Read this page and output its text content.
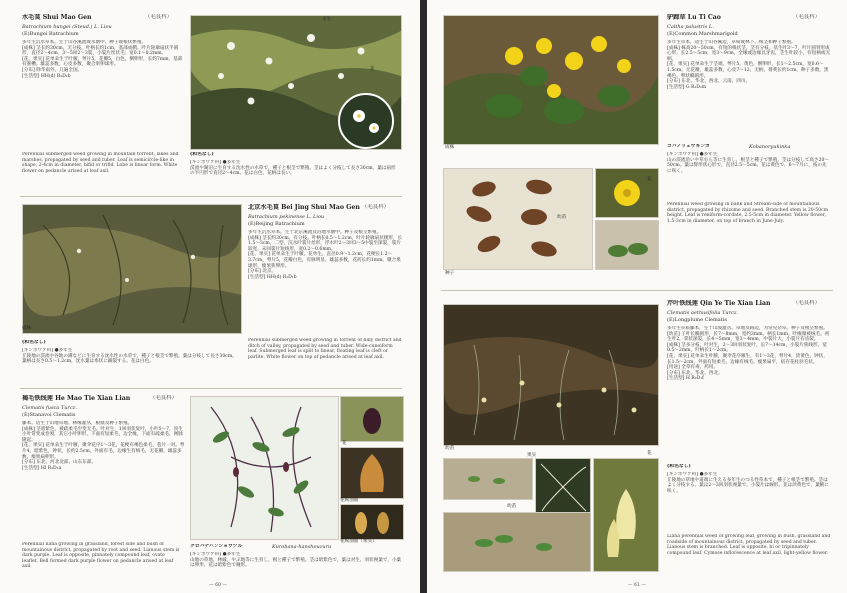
水毛茛 Shui Mao Gen	（毛茛科）
Batrachium bungei (Steud.) L. Liou
(E)Bungei Batrachium
多年生沉水草本。生于山谷溪流或水塘中。种子或根状繁殖。
[成株] 茎长约30cm，无分枝。叶柄长约1cm，基部成鞘。叶片轮廓扇状半圆形，直径2～4cm，3～5回2～3裂，小裂片丝状毛；宽0.1～0.2mm。
[花、果实] 花单朵生于叶腋，萼片5，花瓣5，白色，倒卵形，长约7mm，基部有蜜槽。雄蕊多数，心皮多数，聚合果卵球形。
[分布] 除华南外，几遍全国。
[生活型] HH(d) R₃D₁b
水生
花
Perennial submerged weed growing in mountain torrent, lakes and marshes, propagated by seed and tuber. Leaf is semicircle-like in shape, 2-4cm in diameter, bifid or trifid. Lobe is linear form. White flower on pedancle arised at leaf axil.
(和名なし)
[キンポウゲ科] ●多年生
渓流や湖沼に生育する沈水性の水草で，種子と根茎で繁殖。茎はよく分枝して長さ30cm。葉は扇形の半円形で直径2～4cm。花は白色，花柄は長い。
成株
北京水毛茛 Bei Jing Shui Mao Gen （毛茛科）
Batrachium pekinense L. Liou
(E)Beijing Batrachium
多年生沉水草本。生于北京溪流及沼地水塘中。种子及根茎繁殖。
[成株] 茎长约30cm，有分枝。叶柄长0.5～1.2cm，叶片轮廓扇状楔形，长1.5～3cm，二型，沉水叶裂片丝形，浮水叶2～3回3～5中裂至深裂，裂片较宽，末回裂片短线形，宽0.2～0.6mm。
[花、果实] 花单朵生于叶腋，花单生，直径0.9～1.2cm，花梗长1.2～3.7cm，萼片5，花瓣白色，有脉明显。雄蕊多数，花药长约1mm。聚合果球形，瘦果狭卵形。
[分布] 北京。
[生活型] HH(d) R₁D₁b
(和名なし)
[キンポウゲ科] ●多年生
丘陵地の渓流や谷地の溝などに生育する沈水性の水草で，種子と根茎で繁殖。葉は分枝して長さ30cm。葉柄は長さ0.5～1.2cm，沈水葉は糸状に細裂する。花は白色。
Perennial submerged weed growing in torrent of hilly district and ditch of valley, propagated by seed and tuber. Wide-cuneiform leaf. Submerged leaf is split to linear, floating leaf is cleft or parlite. White flower on top of pedancle arised at leaf axil.
褐毛铁线莲 He Mao Tie Xian Lian	（毛茛科）
Clematis fusca Turcz.
(E)Stanavoi Clematis
藤本。适生于山地草地、林缘灌丛，根蘖及种子繁殖。
[成株] 茎暗紫色，被疏柔毛至变无毛。叶对生，1回羽状复叶，小叶5～7，顶生小叶常变成卷须，其它小叶卵形，下面有短柔毛，边全缘，下面有疏柔毛，网脉隆起。
[花、果实] 花单朵生于叶腋，聚伞花序1～3花，花梗有褐色柔毛，苞片一对。萼片4，暗紫色，钟状，长约2.5cm，外面有毛，边缘生有绒毛，无花瓣，雄蕊多数，瘦果扁卵形。
[分布] 东北、河北北部、山东东部。
[生活型] Hl R₂D₁a
花
花纵剖面
花纵剖面（果实）
Perennial liana growing in grassland, forest side and bush of mountainous district, propagated by root and seed. Lianous stem is dark purple. Leaf is opposite, pinnately compound leaf, ovate leaflet. Bell formed dark purple flower on pedancle arised at leaf axil.
クロバナハンショウヅル	Kurobana-hanshouzuru
[キンポウゲ科] ●多年生
山地の草地，林縁，やぶ地等に生育し，根と種子で繁殖。茎は暗紫色で，葉は対生，羽状複葉で，小葉は卵形。花は暗紫色で鐘形。
— 60 —
成株
驴蹄草 Lu Ti Cao	（毛茛科）
Caltha palustris L.
(E)Common Marshmarigold
多年生草本，适生于山谷溪边，草甸或林下，根茎和种子繁殖。
[成株] 株高20～50cm，有短的根状茎，茎有分枝。基生叶3～7，叶片圆肾形或心形，长2.5～5cm，宽3～9cm，全缘或边缘具牙齿，茎生叶较小，有短柄或无柄。
[花、果实] 花单朵生于茎端，萼片5，黄色，倒卵形，长1～2.5cm，宽0.6～1.5cm，无花瓣，雄蕊多数，心皮7～12，无柄，蓇葖长约1cm，种子多数，黑褐色，卵状椭圆形。
[分布] 东北、华北、西北、云南、四川。
[生活型] G R₁D₁m
种子
花
幼苗
コバノリュウキンカ	Kobanoryukinka
[キンポウゲ科] ●多年生
山の渓流沿いや草むら等に生育し，根茎と種子で繁殖。茎は分枝して高さ20～50cm。葉は腎形状心形で，直径2.5～5cm。花は黄色で，6～7月に，枝の先に咲く。
Perennial weed growing in bank and Stream-side of mountainous district, propagated by rhizome and seed. Branched stem is 20-50cm height. Leaf is reniform-cordate, 2.5-5cm in diameter. Yellow flower, 1.5-3cm in diameter, on top of branch in June-July.
幼苗
芹叶铁线莲 Qin Ye Tie Xian Lian	（毛茛科）
Clematis aethusifolia Turcz.
(E)Longplume Clematis
多年生草质藤本，生于山坡灌丛、草地及路边，为常见杂草。种子及根茎繁殖。
[幼苗] 子叶长椭圆形，长7～8mm，宽约3mm，柄长1mm。叶缘微被绒毛。初生叶2，掌状深裂，长4～5mm，宽3～4mm，中裂片大，小裂片有齿裂。
[成株] 茎多分枝，叶对生，2～3回羽状复叶，长7～14cm，小裂片狭线形，宽0.5～2mm，叶柄长1～2cm。
[花、果实] 花单朵生叶腋，聚伞花序腋生，有1～3花，萼片4，淡黄色，钟状，长1.5～2cm，外面有短柔毛，边缘有绒毛。瘦果扁平，宿存花柱羽毛状。
[用途] 全草有毒，药用。
[分布] 东北、华北、西北。
[生活型] H R₂D₁f
果实
幼苗
花
(和名なし)
[キンポウゲ科] ●多年生
丘陵地の草地や道端に生える多年生のつる性草本で，種子と根茎で繁殖。茎はよく分枝する。葉は2～3回羽状複葉で，小裂片は線形。花は淡黄色で，葉腋に咲く。
Liana perennial weed of growing leaf, growing in bush, grassland and roadside of mountainous district, propagated by seed and tuber. Lianous stem is branched. Leaf is opposite, bi or tripinnately compound leaf. Cymose inflorescence at leaf axil, light-yellow flower.
— 61 —
